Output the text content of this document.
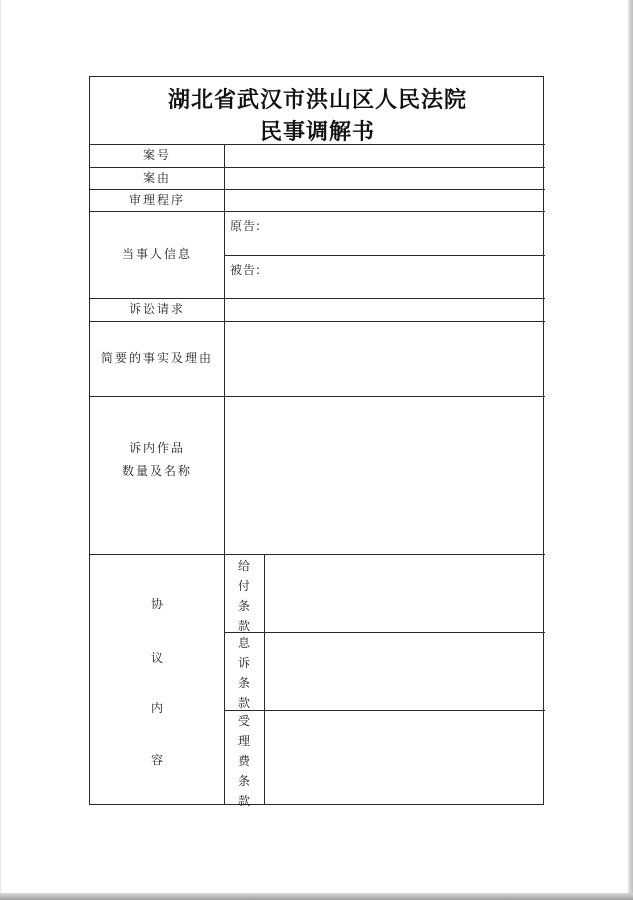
湖北省武汉市洪山区人民法院
民事调解书
案号
案由
审理程序
当事人信息
诉讼请求
简要的事实及理由
诉内作品
数量及名称
原告:
被告:
协
议
内
容
给
付
条
款
息
诉
条
款
受
理
费
条
款
